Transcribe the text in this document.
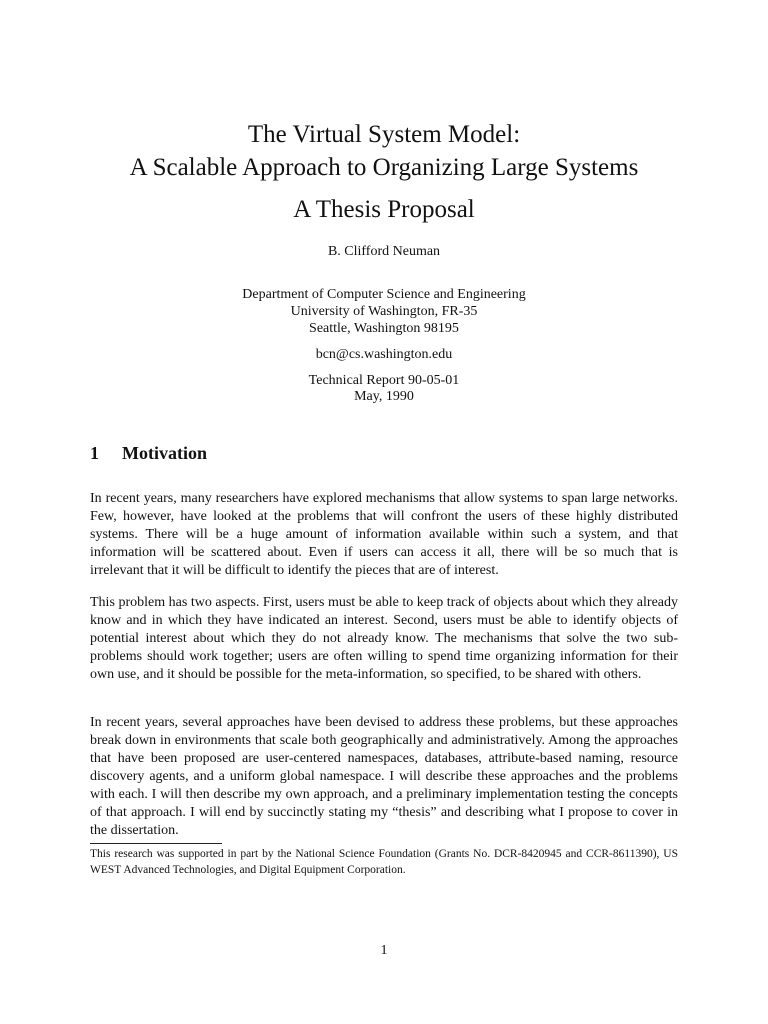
The Virtual System Model:
A Scalable Approach to Organizing Large Systems
A Thesis Proposal
B. Clifford Neuman
Department of Computer Science and Engineering
University of Washington, FR-35
Seattle, Washington 98195
bcn@cs.washington.edu
Technical Report 90-05-01
May, 1990
1 Motivation

In recent years, many researchers have explored mechanisms that allow systems to span large networks. Few, however, have looked at the problems that will confront the users of these highly distributed systems. There will be a huge amount of information available within such a system, and that information will be scattered about. Even if users can access it all, there will be so much that is irrelevant that it will be difficult to identify the pieces that are of interest.

This problem has two aspects. First, users must be able to keep track of objects about which they already know and in which they have indicated an interest. Second, users must be able to identify objects of potential interest about which they do not already know. The mechanisms that solve the two sub-problems should work together; users are often willing to spend time organizing information for their own use, and it should be possible for the meta-information, so specified, to be shared with others.

In recent years, several approaches have been devised to address these problems, but these approaches break down in environments that scale both geographically and administratively. Among the approaches that have been proposed are user-centered namespaces, databases, attribute-based naming, resource discovery agents, and a uniform global namespace. I will describe these approaches and the problems with each. I will then describe my own approach, and a preliminary implementation testing the concepts of that approach. I will end by succinctly stating my “thesis” and describing what I propose to cover in the dissertation.

This research was supported in part by the National Science Foundation (Grants No. DCR-8420945 and CCR-8611390), US WEST Advanced Technologies, and Digital Equipment Corporation.

1
